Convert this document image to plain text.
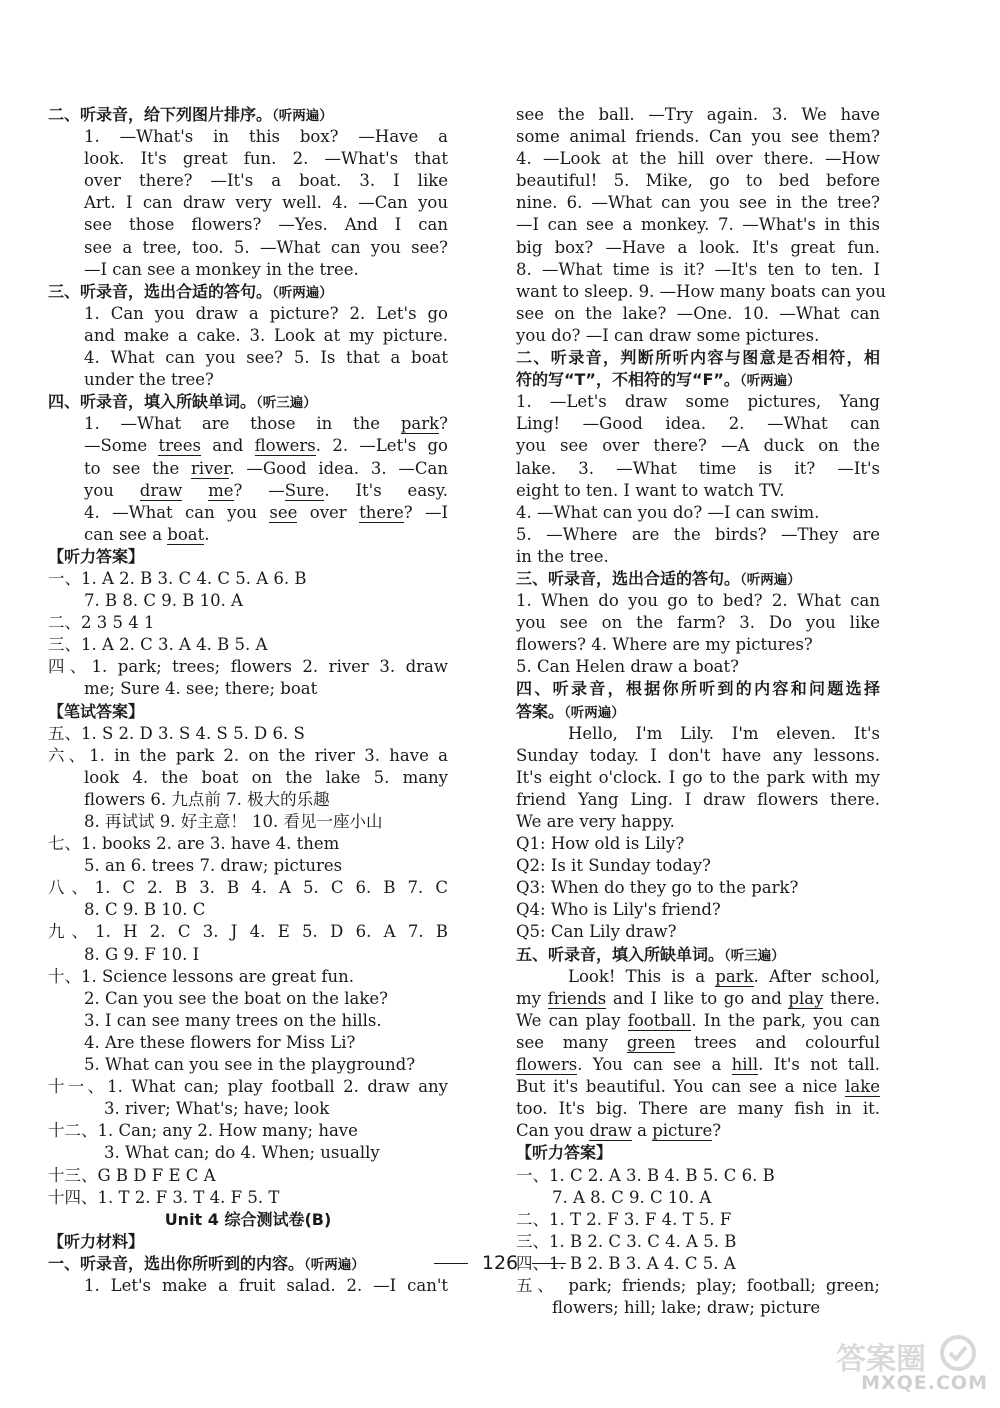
二、听录音，给下列图片排序。（听两遍）
1. —What's in this box? —Have a
look. It's great fun. 2. —What's that
over there? —It's a boat. 3. I like
Art. I can draw very well. 4. —Can you
see those flowers? —Yes. And I can
see a tree, too. 5. —What can you see?
—I can see a monkey in the tree.
三、听录音，选出合适的答句。（听两遍）
1. Can you draw a picture? 2. Let's go
and make a cake. 3. Look at my picture.
4. What can you see? 5. Is that a boat
under the tree?
四、听录音，填入所缺单词。（听三遍）
1. —What are those in the park?
—Some trees and flowers. 2. —Let's go
to see the river. —Good idea. 3. —Can
you draw me? —Sure. It's easy.
4. —What can you see over there? —I
can see a boat.
【听力答案】
一、1. A 2. B 3. C 4. C 5. A 6. B
7. B 8. C 9. B 10. A
二、2 3 5 4 1
三、1. A 2. C 3. A 4. B 5. A
四、1. park; trees; flowers 2. river 3. draw
me; Sure 4. see; there; boat
【笔试答案】
五、1. S 2. D 3. S 4. S 5. D 6. S
六、1. in the park 2. on the river 3. have a
look 4. the boat on the lake 5. many
flowers 6. 九点前 7. 极大的乐趣
8. 再试试 9. 好主意！ 10. 看见一座小山
七、1. books 2. are 3. have 4. them
5. an 6. trees 7. draw; pictures
八、1. C 2. B 3. B 4. A 5. C 6. B 7. C
8. C 9. B 10. C
九、1. H 2. C 3. J 4. E 5. D 6. A 7. B
8. G 9. F 10. I
十、1. Science lessons are great fun.
2. Can you see the boat on the lake?
3. I can see many trees on the hills.
4. Are these flowers for Miss Li?
5. What can you see in the playground?
十一、1. What can; play football 2. draw any
3. river; What's; have; look
十二、1. Can; any 2. How many; have
3. What can; do 4. When; usually
十三、G B D F E C A
十四、1. T 2. F 3. T 4. F 5. T
Unit 4 综合测试卷(B)
【听力材料】
一、听录音，选出你所听到的内容。（听两遍）
1. Let's make a fruit salad. 2. —I can't
see the ball. —Try again. 3. We have
some animal friends. Can you see them?
4. —Look at the hill over there. —How
beautiful! 5. Mike, go to bed before
nine. 6. —What can you see in the tree?
—I can see a monkey. 7. —What's in this
big box? —Have a look. It's great fun.
8. —What time is it? —It's ten to ten. I
want to sleep. 9. —How many boats can you
see on the lake? —One. 10. —What can
you do? —I can draw some pictures.
二、听录音，判断所听内容与图意是否相符，相
符的写“T”，不相符的写“F”。（听两遍）
1. —Let's draw some pictures, Yang
Ling! —Good idea. 2. —What can
you see over there? —A duck on the
lake. 3. —What time is it? —It's
eight to ten. I want to watch TV.
4. —What can you do? —I can swim.
5. —Where are the birds? —They are
in the tree.
三、听录音，选出合适的答句。（听两遍）
1. When do you go to bed? 2. What can
you see on the farm? 3. Do you like
flowers? 4. Where are my pictures?
5. Can Helen draw a boat?
四、听录音，根据你所听到的内容和问题选择
答案。（听两遍）
Hello, I'm Lily. I'm eleven. It's
Sunday today. I don't have any lessons.
It's eight o'clock. I go to the park with my
friend Yang Ling. I draw flowers there.
We are very happy.
Q1: How old is Lily?
Q2: Is it Sunday today?
Q3: When do they go to the park?
Q4: Who is Lily's friend?
Q5: Can Lily draw?
五、听录音，填入所缺单词。（听三遍）
Look! This is a park. After school,
my friends and I like to go and play there.
We can play football. In the park, you can
see many green trees and colourful
flowers. You can see a hill. It's not tall.
But it's beautiful. You can see a nice lake
too. It's big. There are many fish in it.
Can you draw a picture?
【听力答案】
一、1. C 2. A 3. B 4. B 5. C 6. B
7. A 8. C 9. C 10. A
二、1. T 2. F 3. F 4. T 5. F
三、1. B 2. C 3. C 4. A 5. B
四、1. B 2. B 3. A 4. C 5. A
五、 park; friends; play; football; green;
flowers; hill; lake; draw; picture
126
答案圈
MXQE.COM
